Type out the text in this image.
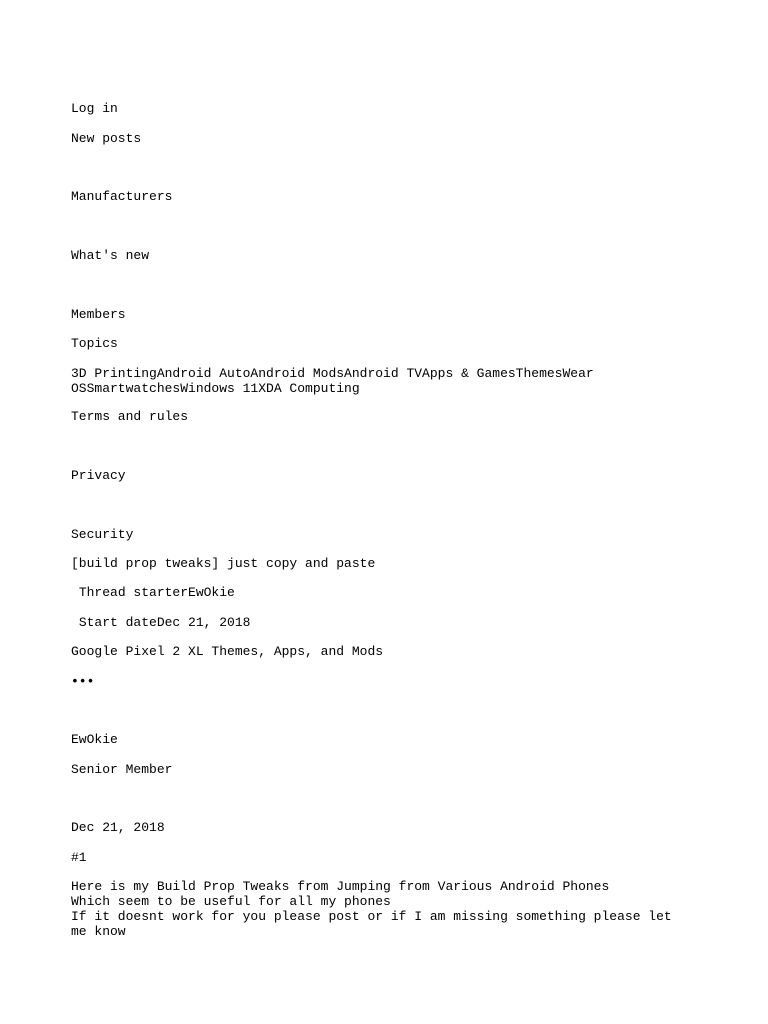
Log in
New posts
Manufacturers
What's new
Members
Topics
3D PrintingAndroid AutoAndroid ModsAndroid TVApps & GamesThemesWear OSSmartwatchesWindows 11XDA Computing
Terms and rules
Privacy
Security
[build prop tweaks] just copy and paste
Thread starterEwOkie
Start dateDec 21, 2018
Google Pixel 2 XL Themes, Apps, and Mods
•••
EwOkie
Senior Member
Dec 21, 2018
#1
Here is my Build Prop Tweaks from Jumping from Various Android Phones
Which seem to be useful for all my phones
If it doesnt work for you please post or if I am missing something please let me know
